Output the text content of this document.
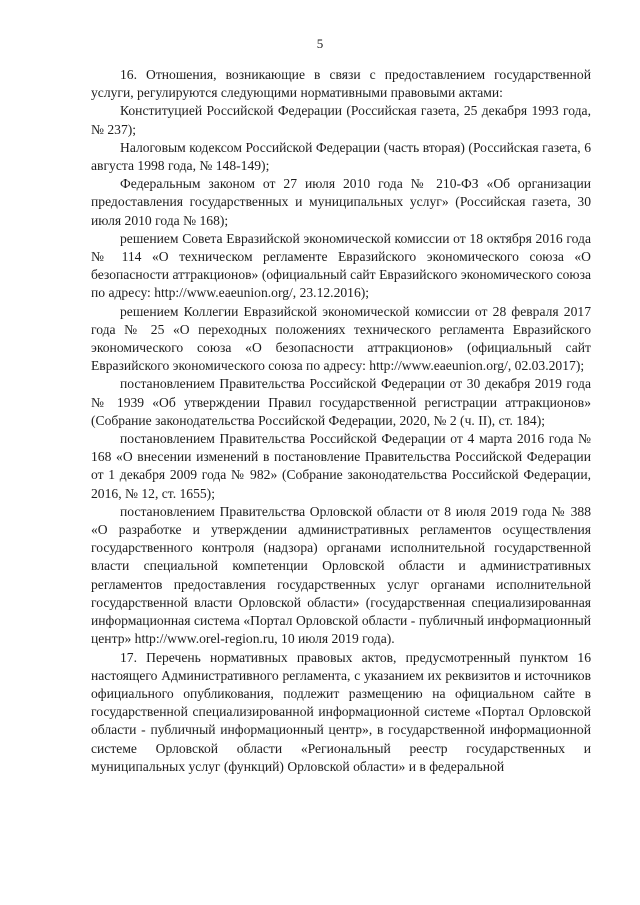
5

16. Отношения, возникающие в связи с предоставлением государственной услуги, регулируются следующими нормативными правовыми актами:

Конституцией Российской Федерации (Российская газета, 25 декабря 1993 года, № 237);

Налоговым кодексом Российской Федерации (часть вторая) (Российская газета, 6 августа 1998 года, № 148-149);

Федеральным законом от 27 июля 2010 года № 210-ФЗ «Об организации предоставления государственных и муниципальных услуг» (Российская газета, 30 июля 2010 года № 168);

решением Совета Евразийской экономической комиссии от 18 октября 2016 года № 114 «О техническом регламенте Евразийского экономического союза «О безопасности аттракционов» (официальный сайт Евразийского экономического союза по адресу: http://www.eaeunion.org/, 23.12.2016);

решением Коллегии Евразийской экономической комиссии от 28 февраля 2017 года № 25 «О переходных положениях технического регламента Евразийского экономического союза «О безопасности аттракционов» (официальный сайт Евразийского экономического союза по адресу: http://www.eaeunion.org/, 02.03.2017);

постановлением Правительства Российской Федерации от 30 декабря 2019 года № 1939 «Об утверждении Правил государственной регистрации аттракционов» (Собрание законодательства Российской Федерации, 2020, № 2 (ч. II), ст. 184);

постановлением Правительства Российской Федерации от 4 марта 2016 года № 168 «О внесении изменений в постановление Правительства Российской Федерации от 1 декабря 2009 года № 982» (Собрание законодательства Российской Федерации, 2016, № 12, ст. 1655);

постановлением Правительства Орловской области от 8 июля 2019 года № 388 «О разработке и утверждении административных регламентов осуществления государственного контроля (надзора) органами исполнительной государственной власти специальной компетенции Орловской области и административных регламентов предоставления государственных услуг органами исполнительной государственной власти Орловской области» (государственная специализированная информационная система «Портал Орловской области - публичный информационный центр» http://www.orel-region.ru, 10 июля 2019 года).

17. Перечень нормативных правовых актов, предусмотренный пунктом 16 настоящего Административного регламента, с указанием их реквизитов и источников официального опубликования, подлежит размещению на официальном сайте в государственной специализированной информационной системе «Портал Орловской области - публичный информационный центр», в государственной информационной системе Орловской области «Региональный реестр государственных и муниципальных услуг (функций) Орловской области» и в федеральной
